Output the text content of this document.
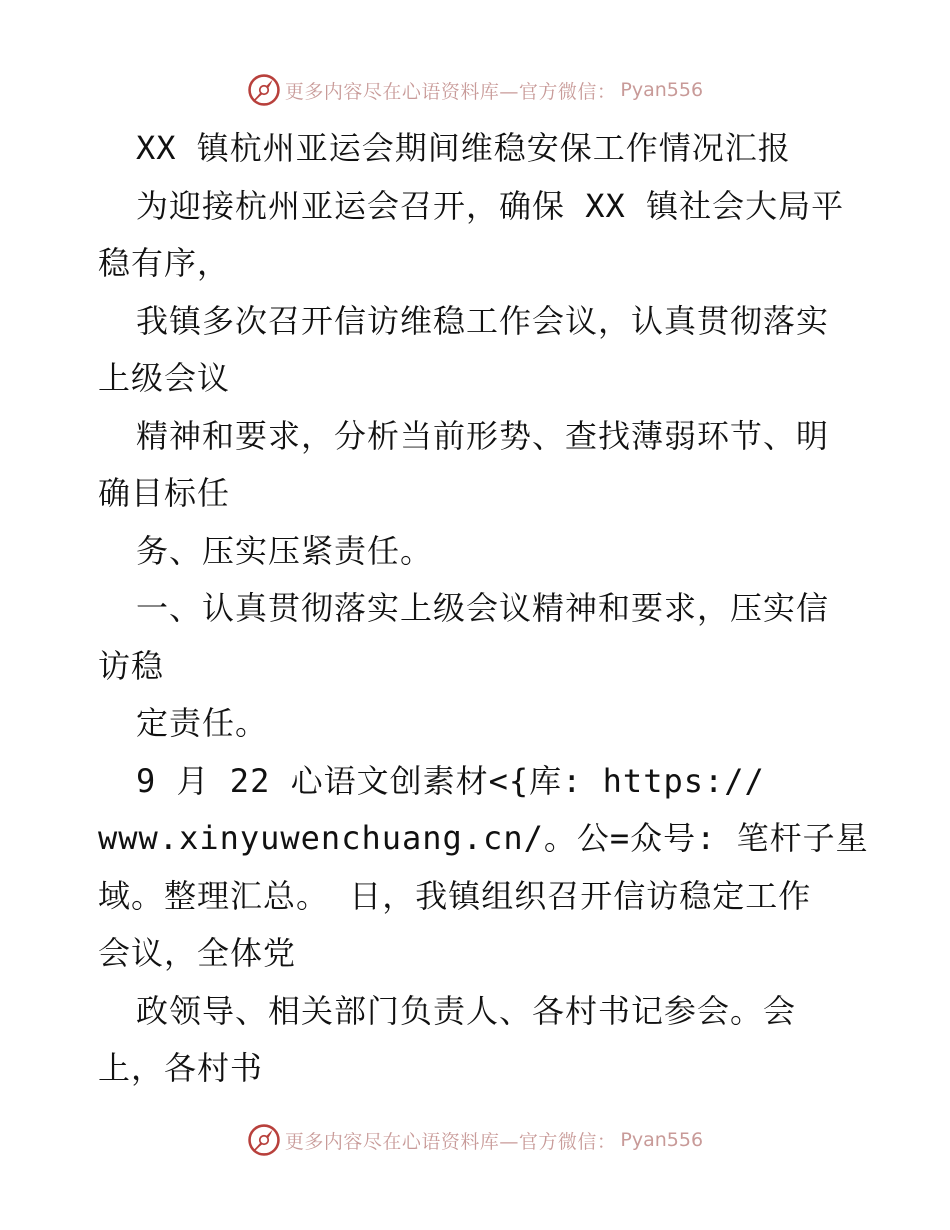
更多内容尽在心语资料库—官方微信： Pyan556
XX 镇杭州亚运会期间维稳安保工作情况汇报
为迎接杭州亚运会召开，确保 XX 镇社会大局平
稳有序，
我镇多次召开信访维稳工作会议，认真贯彻落实
上级会议
精神和要求，分析当前形势、查找薄弱环节、明
确目标任
务、压实压紧责任。
一、认真贯彻落实上级会议精神和要求，压实信
访稳
定责任。
9 月 22 心语文创素材<{库: https://
www.xinyuwenchuang.cn/。公=众号: 笔杆子星
域。整理汇总。 日，我镇组织召开信访稳定工作
会议，全体党
政领导、相关部门负责人、各村书记参会。会
上，各村书
更多内容尽在心语资料库—官方微信： Pyan556
